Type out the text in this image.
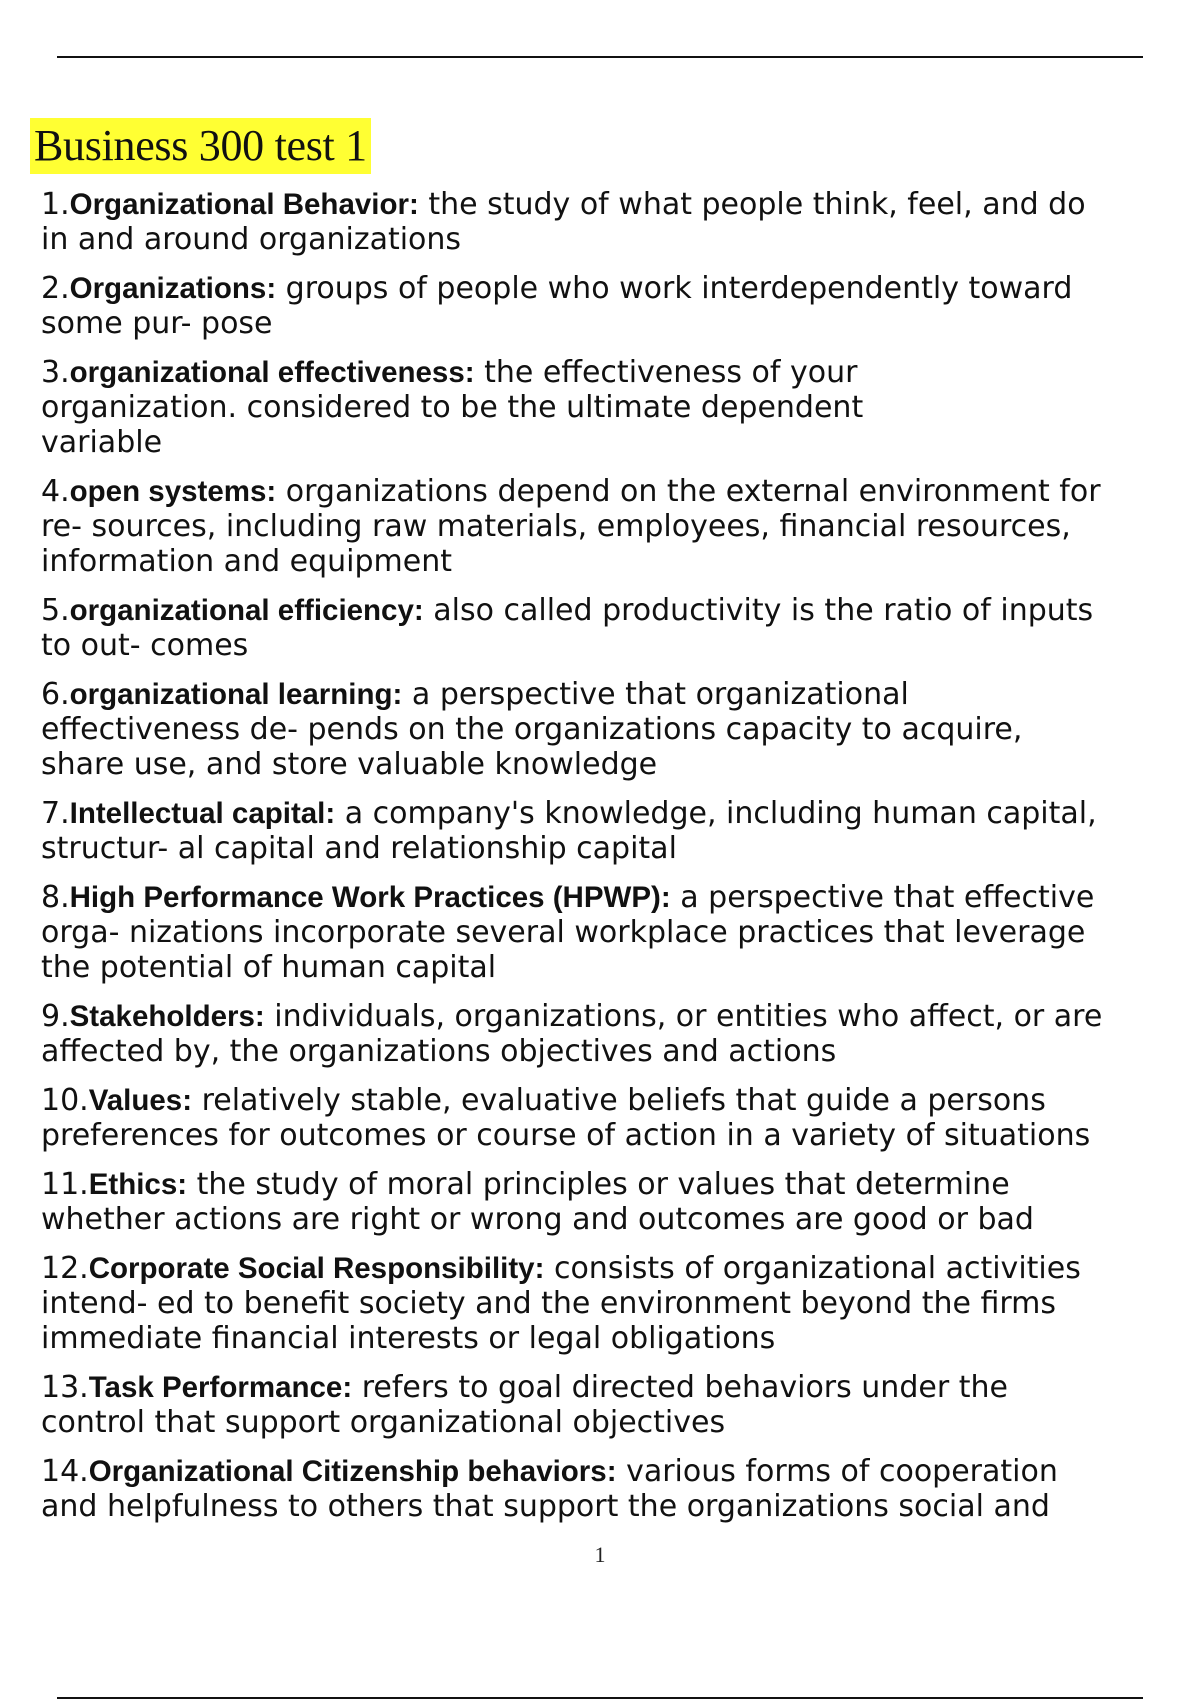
Business 300 test 1
1.Organizational Behavior: the study of what people think, feel, and do
in and around organizations
2.Organizations: groups of people who work interdependently toward
some pur- pose
3.organizational effectiveness: the effectiveness of your
organization. considered to be the ultimate dependent
variable
4.open systems: organizations depend on the external environment for
re- sources, including raw materials, employees, financial resources,
information and equipment
5.organizational efficiency: also called productivity is the ratio of inputs
to out- comes
6.organizational learning: a perspective that organizational
effectiveness de- pends on the organizations capacity to acquire,
share use, and store valuable knowledge
7.Intellectual capital: a company's knowledge, including human capital,
structur- al capital and relationship capital
8.High Performance Work Practices (HPWP): a perspective that effective
orga- nizations incorporate several workplace practices that leverage
the potential of human capital
9.Stakeholders: individuals, organizations, or entities who affect, or are
affected by, the organizations objectives and actions
10.Values: relatively stable, evaluative beliefs that guide a persons
preferences for outcomes or course of action in a variety of situations
11.Ethics: the study of moral principles or values that determine
whether actions are right or wrong and outcomes are good or bad
12.Corporate Social Responsibility: consists of organizational activities
intend- ed to benefit society and the environment beyond the firms
immediate financial interests or legal obligations
13.Task Performance: refers to goal directed behaviors under the
control that support organizational objectives
14.Organizational Citizenship behaviors: various forms of cooperation
and helpfulness to others that support the organizations social and
1
